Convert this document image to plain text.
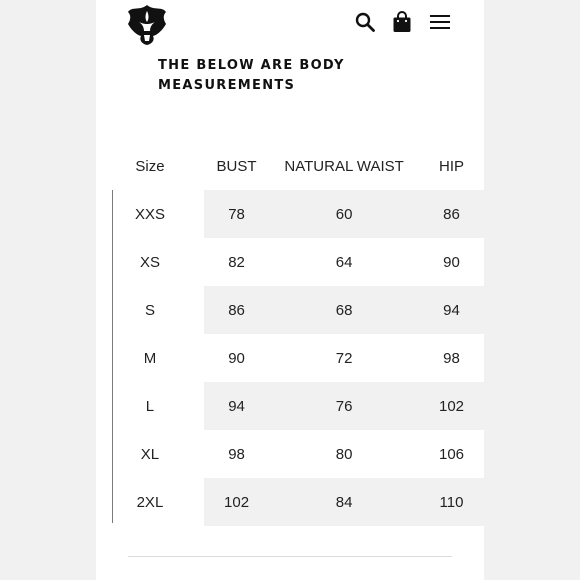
THE BELOW ARE BODY
MEASUREMENTS

Size	BUST	NATURAL WAIST	HIP
XXS	78	60	86
XS	82	64	90
S	86	68	94
M	90	72	98
L	94	76	102
XL	98	80	106
2XL	102	84	110
